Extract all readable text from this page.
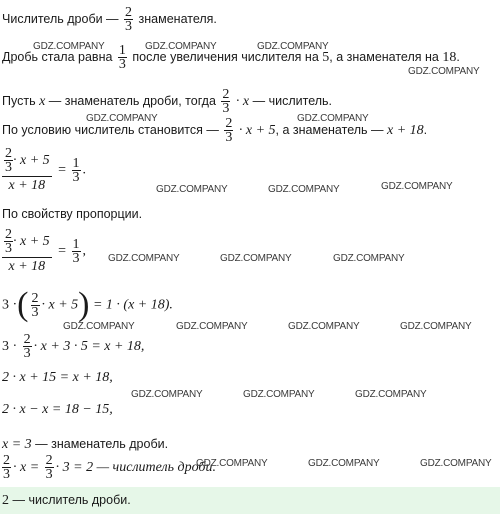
Числитель дроби — $\frac{2}{3}$ знаменателя.
Дробь стала равна $\frac{1}{3}$ после увеличения числителя на 5, а знаменателя на 18.
Пусть x — знаменатель дроби, тогда $\frac{2}{3} \cdot x$ — числитель.
По условию числитель становится — $\frac{2}{3} \cdot x + 5$, а знаменатель — x + 18.
$\frac{\frac{2}{3} \cdot x + 5}{x + 18} = \frac{1}{3}$ .
По свойству пропорции.
$\frac{\frac{2}{3} \cdot x + 5}{x + 18} = \frac{1}{3}$ ,
3 ·( $\frac{2}{3} \cdot x + 5) = 1 \cdot (x + 18)$.
$3 \cdot \frac{2}{3} \cdot x + 3 \cdot 5 = x + 18$,
2 · x + 15 = x + 18,
2 · x − x = 18 − 15,
x = 3 — знаменатель дроби.
$\frac{2}{3} \cdot x = \frac{2}{3} \cdot 3 = 2$ — числитель дроби.
2 — числитель дроби.
GDZ.COMPANY	GDZ.COMPANY	GDZ.COMPANY
GDZ.COMPANY
GDZ.COMPANY	GDZ.COMPANY
GDZ.COMPANY	GDZ.COMPANY	GDZ.COMPANY
GDZ.COMPANY	GDZ.COMPANY	GDZ.COMPANY
GDZ.COMPANY	GDZ.COMPANY	GDZ.COMPANY	GDZ.COMPANY
GDZ.COMPANY	GDZ.COMPANY	GDZ.COMPANY
GDZ.COMPANY	GDZ.COMPANY	GDZ.COMPANY
